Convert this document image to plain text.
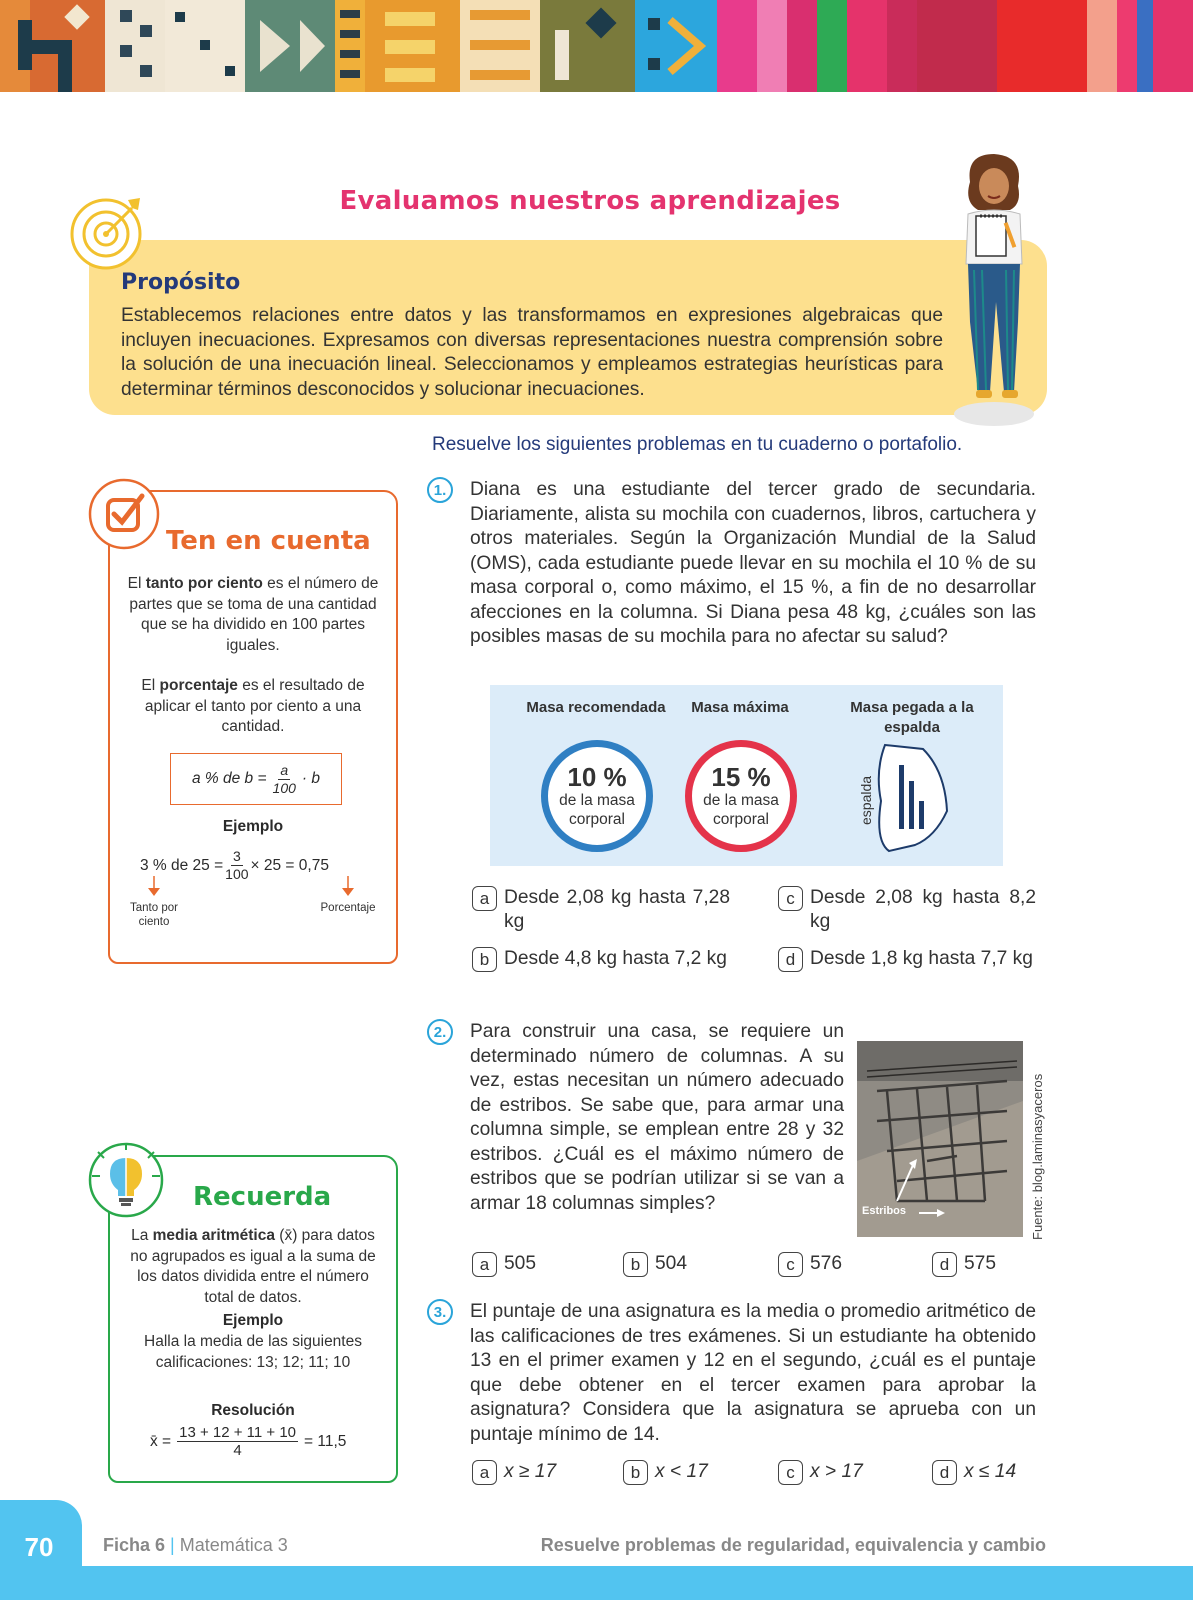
Evaluamos nuestros aprendizajes
Propósito
Establecemos relaciones entre datos y las transformamos en expresiones algebraicas que incluyen inecuaciones. Expresamos con diversas representaciones nuestra comprensión sobre la solución de una inecuación lineal. Seleccionamos y empleamos estrategias heurísticas para determinar términos desconocidos y solucionar inecuaciones.
Resuelve los siguientes problemas en tu cuaderno o portafolio.
Ten en cuenta
El tanto por ciento es el número de partes que se toma de una cantidad que se ha dividido en 100 partes iguales.
El porcentaje es el resultado de aplicar el tanto por ciento a una cantidad.
a % de $b = \frac{a}{100} \cdot b$
Ejemplo
3 % de $25 = \frac{3}{100} \times 25 = 0,75$
Tanto por ciento
Porcentaje
Recuerda
La media aritmética (x̄) para datos no agrupados es igual a la suma de los datos dividida entre el número total de datos.
Ejemplo
Halla la media de las siguientes calificaciones: 13; 12; 11; 10
Resolución
x̄ = $\frac{13 + 12 + 11 + 10}{4} = 11,5$
1.	Diana es una estudiante del tercer grado de secundaria. Diariamente, alista su mochila con cuadernos, libros, cartuchera y otros materiales. Según la Organización Mundial de la Salud (OMS), cada estudiante puede llevar en su mochila el 10 % de su masa corporal o, como máximo, el 15 %, a fin de no desarrollar afecciones en la columna. Si Diana pesa 48 kg, ¿cuáles son las posibles masas de su mochila para no afectar su salud?
Masa recomendada
10 %
de la masa corporal
Masa máxima
15 %
de la masa corporal
Masa pegada a la espalda
espalda
a Desde 2,08 kg hasta 7,28 kg
c Desde 2,08 kg hasta 8,2 kg
b Desde 4,8 kg hasta 7,2 kg	d Desde 1,8 kg hasta 7,7 kg
2.	Para construir una casa, se requiere un determinado número de columnas. A su vez, estas necesitan un número adecuado de estribos. Se sabe que, para armar una columna simple, se emplean entre 28 y 32 estribos. ¿Cuál es el máximo número de estribos que se podrían utilizar si se van a armar 18 columnas simples?	Estribos	Fuente: blog.laminasyaceros
a 505	b 504	c 576	d 575
3.	El puntaje de una asignatura es la media o promedio aritmético de las calificaciones de tres exámenes. Si un estudiante ha obtenido 13 en el primer examen y 12 en el segundo, ¿cuál es el puntaje que debe obtener en el tercer examen para aprobar la asignatura? Considera que la asignatura se aprueba con un puntaje mínimo de 14.
a x ≥ 17	b x < 17	c x > 17	d x ≤ 14
70	Ficha 6 | Matemática 3	Resuelve problemas de regularidad, equivalencia y cambio
